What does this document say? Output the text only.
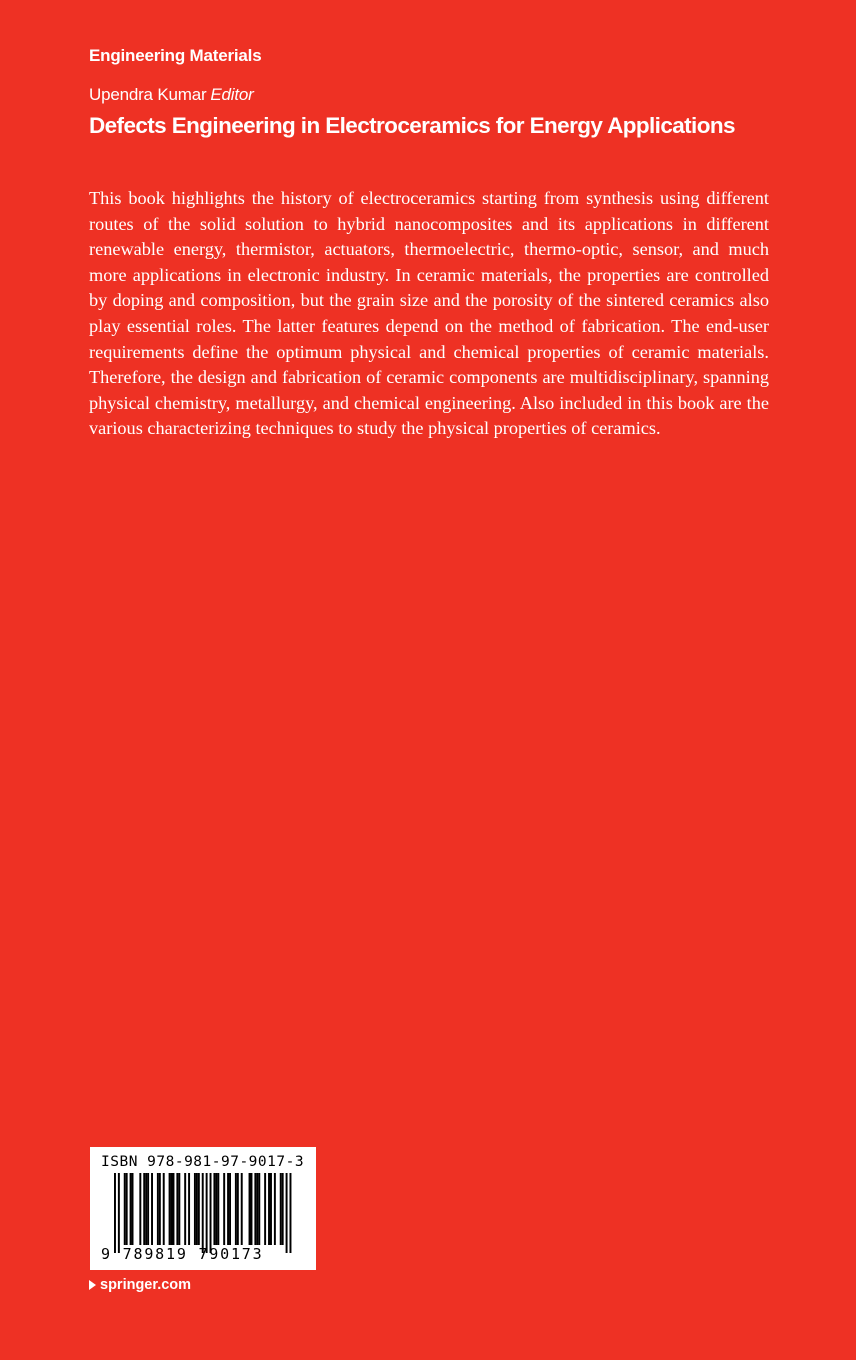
Engineering Materials
Upendra Kumar Editor
Defects Engineering in Electroceramics for Energy Applications

This book highlights the history of electroceramics starting from synthesis using different routes of the solid solution to hybrid nanocomposites and its applications in different renewable energy, thermistor, actuators, thermoelectric, thermo-optic, sensor, and much more applications in electronic industry. In ceramic materials, the properties are controlled by doping and composition, but the grain size and the porosity of the sintered ceramics also play essential roles. The latter features depend on the method of fabrication. The end-user requirements define the optimum physical and chemical properties of ceramic materials. Therefore, the design and fabrication of ceramic components are multidisciplinary, spanning physical chemistry, metallurgy, and chemical engineering. Also included in this book are the various characterizing techniques to study the physical properties of ceramics.

ISBN 978-981-97-9017-3
9 789819 790173
springer.com
